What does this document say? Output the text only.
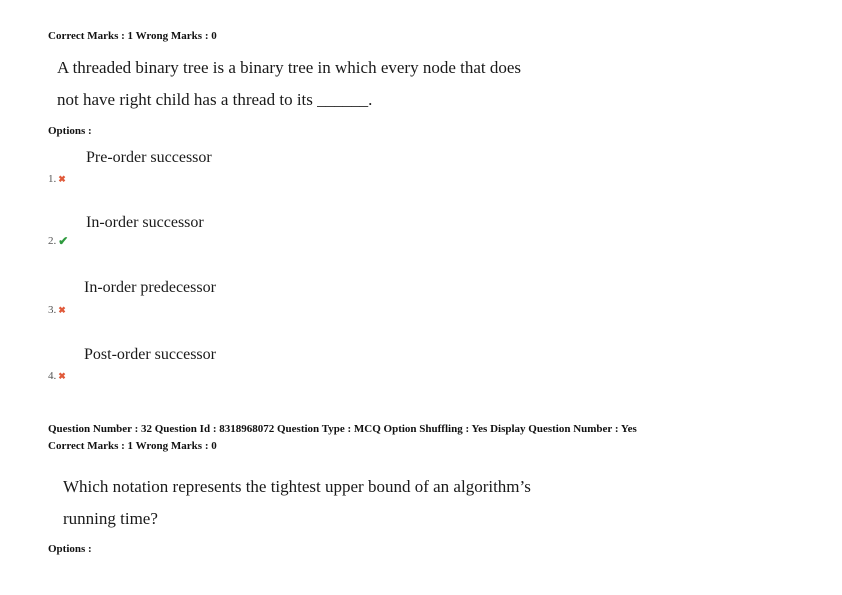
Correct Marks : 1 Wrong Marks : 0
A threaded binary tree is a binary tree in which every node that does
not have right child has a thread to its ______.
Options :
Pre-order successor
1. ✖
In-order successor
2. ✔
In-order predecessor
3. ✖
Post-order successor
4. ✖
Question Number : 32 Question Id : 8318968072 Question Type : MCQ Option Shuffling : Yes Display Question Number : Yes
Correct Marks : 1 Wrong Marks : 0
Which notation represents the tightest upper bound of an algorithm’s
running time?
Options :
